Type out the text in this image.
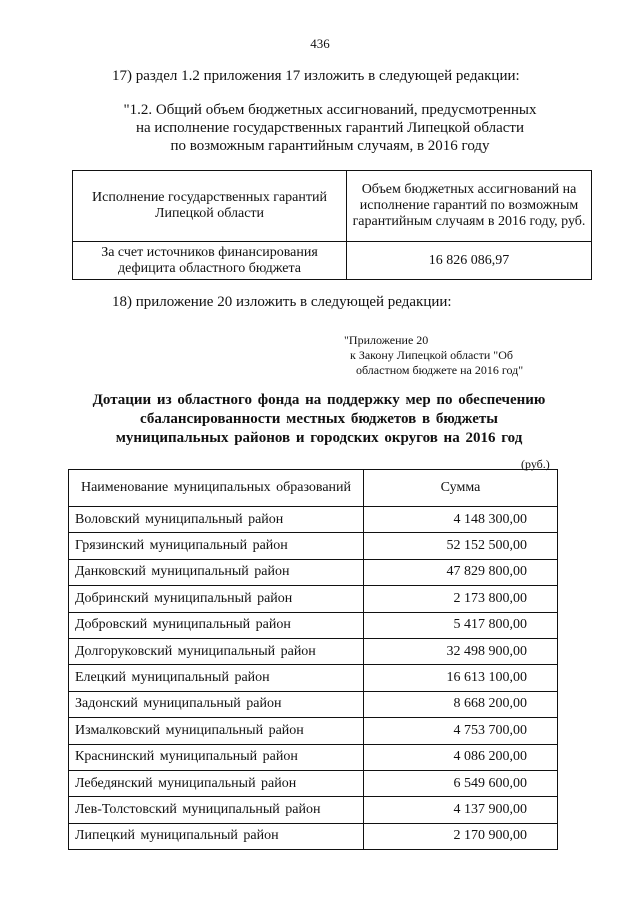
436
17) раздел 1.2 приложения 17 изложить в следующей редакции:
"1.2. Общий объем бюджетных ассигнований, предусмотренных
на исполнение государственных гарантий Липецкой области
по возможным гарантийным случаям, в 2016 году
Исполнение государственных гарантий Липецкой области	Объем бюджетных ассигнований на исполнение гарантий по возможным гарантийным случаям в 2016 году, руб.
За счет источников финансирования дефицита областного бюджета	16 826 086,97
18) приложение 20 изложить в следующей редакции:
"Приложение 20
к Закону Липецкой области "Об
областном бюджете на 2016 год"
Дотации из областного фонда на поддержку мер по обеспечению
сбалансированности местных бюджетов в бюджеты
муниципальных районов и городских округов на 2016 год
(руб.)
Наименование муниципальных образований	Сумма
Воловский муниципальный район	4 148 300,00
Грязинский муниципальный район	52 152 500,00
Данковский муниципальный район	47 829 800,00
Добринский муниципальный район	2 173 800,00
Добровский муниципальный район	5 417 800,00
Долгоруковский муниципальный район	32 498 900,00
Елецкий муниципальный район	16 613 100,00
Задонский муниципальный район	8 668 200,00
Измалковский муниципальный район	4 753 700,00
Краснинский муниципальный район	4 086 200,00
Лебедянский муниципальный район	6 549 600,00
Лев-Толстовский муниципальный район	4 137 900,00
Липецкий муниципальный район	2 170 900,00
